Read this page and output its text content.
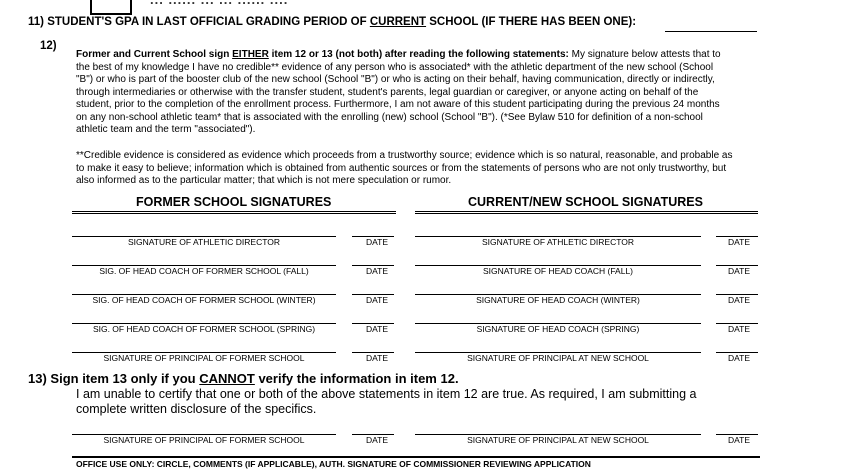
11) STUDENT'S GPA IN LAST OFFICIAL GRADING PERIOD OF CURRENT SCHOOL (IF THERE HAS BEEN ONE):
12)
Former and Current School sign EITHER item 12 or 13 (not both) after reading the following statements: My signature below attests that to
the best of my knowledge I have no credible** evidence of any person who is associated* with the athletic department of the new school (School
"B") or who is part of the booster club of the new school (School "B") or who is acting on their behalf, having communication, directly or indirectly,
through intermediaries or otherwise with the transfer student, student's parents, legal guardian or caregiver, or anyone acting on behalf of the
student, prior to the completion of the enrollment process. Furthermore, I am not aware of this student participating during the previous 24 months
on any non-school athletic team* that is associated with the enrolling (new) school (School "B"). (*See Bylaw 510 for definition of a non-school
athletic team and the term "associated").
**Credible evidence is considered as evidence which proceeds from a trustworthy source; evidence which is so natural, reasonable, and probable as
to make it easy to believe; information which is obtained from authentic sources or from the statements of persons who are not only trustworthy, but
also informed as to the particular matter; that which is not mere speculation or rumor.
FORMER SCHOOL SIGNATURES	CURRENT/NEW SCHOOL SIGNATURES
SIGNATURE OF ATHLETIC DIRECTOR	DATE	SIGNATURE OF ATHLETIC DIRECTOR	DATE
SIG. OF HEAD COACH OF FORMER SCHOOL (FALL)	DATE	SIGNATURE OF HEAD COACH (FALL)	DATE
SIG. OF HEAD COACH OF FORMER SCHOOL (WINTER)	DATE	SIGNATURE OF HEAD COACH (WINTER)	DATE
SIG. OF HEAD COACH OF FORMER SCHOOL (SPRING)	DATE	SIGNATURE OF HEAD COACH (SPRING)	DATE
SIGNATURE OF PRINCIPAL OF FORMER SCHOOL	DATE	SIGNATURE OF PRINCIPAL AT NEW SCHOOL	DATE
13) Sign item 13 only if you CANNOT verify the information in item 12.
I am unable to certify that one or both of the above statements in item 12 are true. As required, I am submitting a
complete written disclosure of the specifics.
SIGNATURE OF PRINCIPAL OF FORMER SCHOOL	DATE	SIGNATURE OF PRINCIPAL AT NEW SCHOOL	DATE
OFFICE USE ONLY: CIRCLE, COMMENTS (IF APPLICABLE), AUTH. SIGNATURE OF COMMISSIONER REVIEWING APPLICATION
